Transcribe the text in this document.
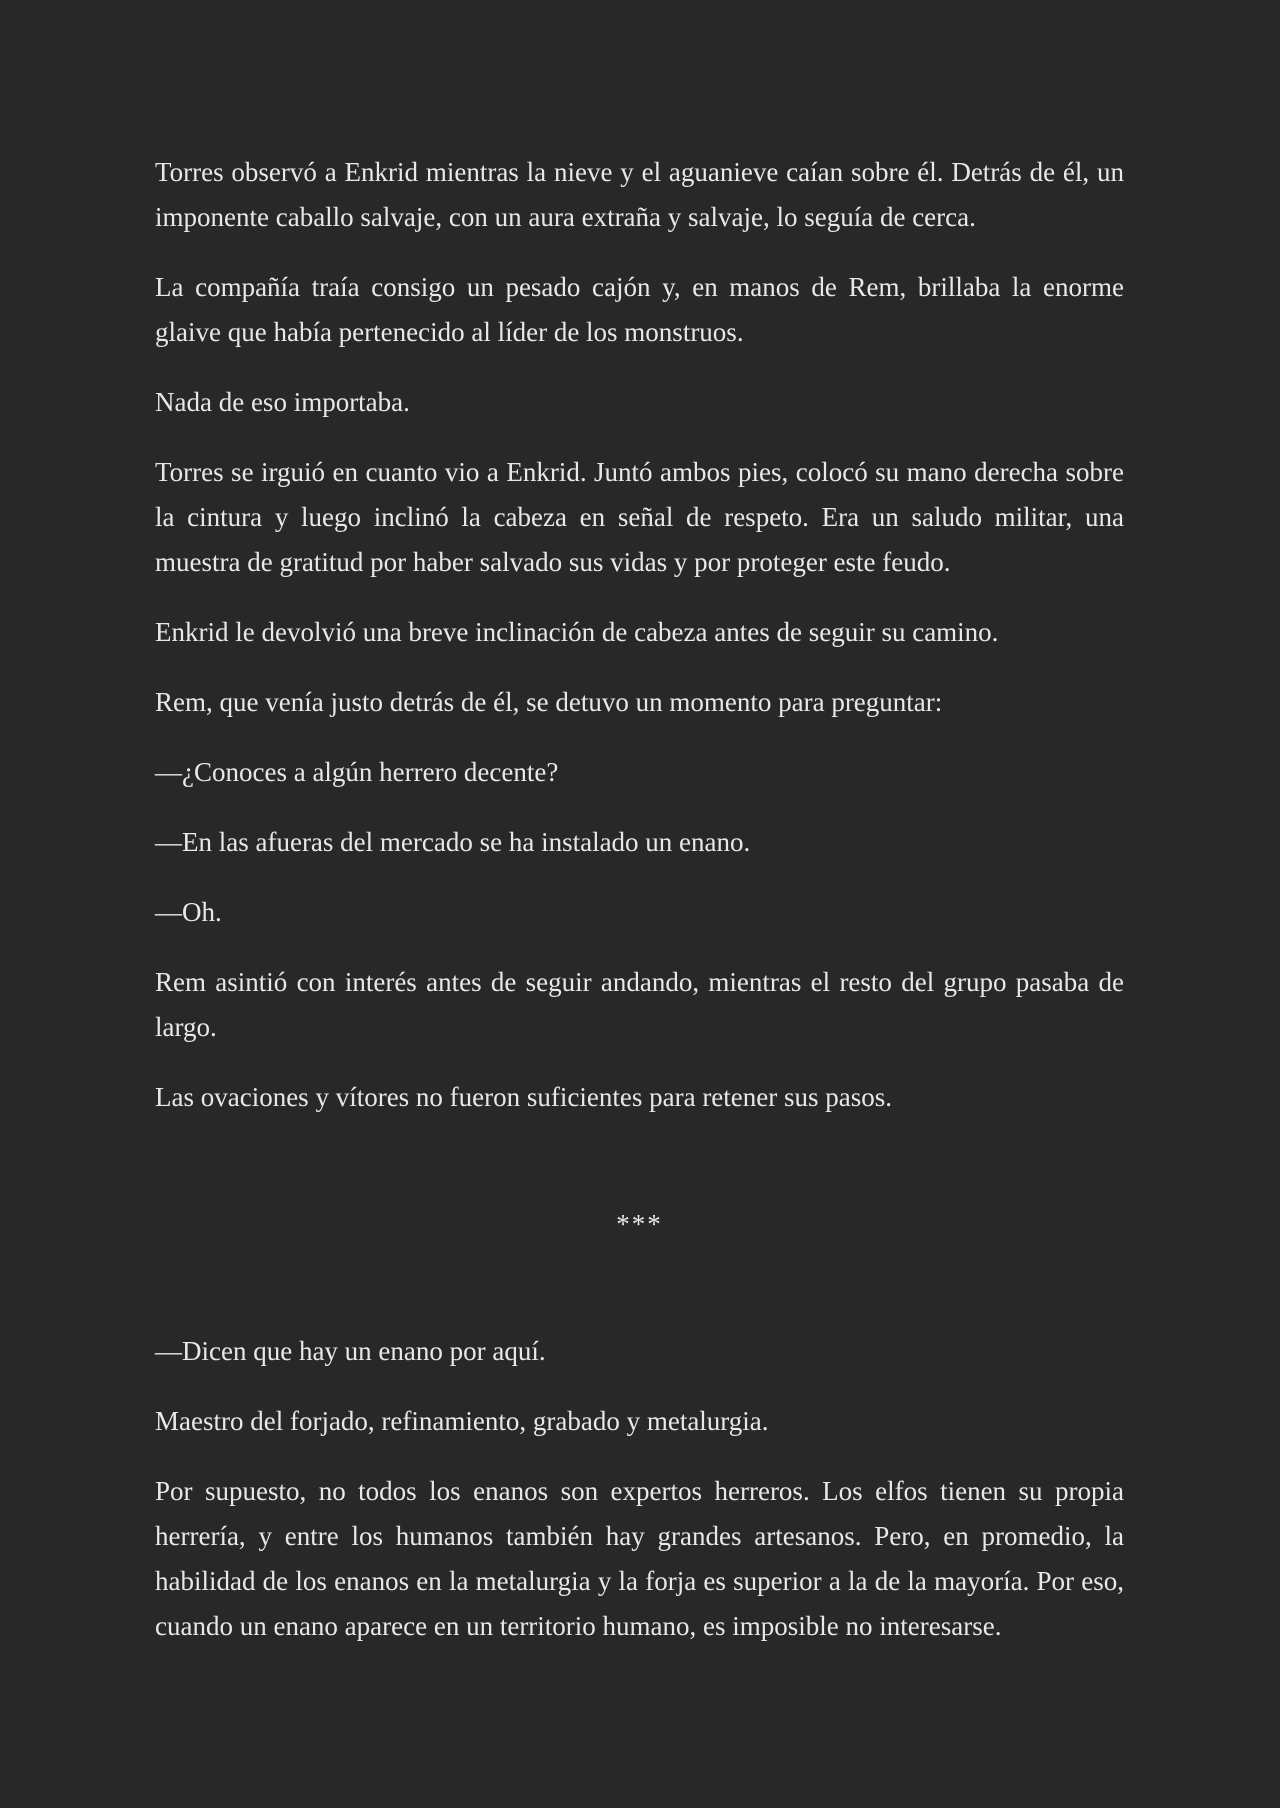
Torres observó a Enkrid mientras la nieve y el aguanieve caían sobre él. Detrás de él, un imponente caballo salvaje, con un aura extraña y salvaje, lo seguía de cerca.

La compañía traía consigo un pesado cajón y, en manos de Rem, brillaba la enorme glaive que había pertenecido al líder de los monstruos.

Nada de eso importaba.

Torres se irguió en cuanto vio a Enkrid. Juntó ambos pies, colocó su mano derecha sobre la cintura y luego inclinó la cabeza en señal de respeto. Era un saludo militar, una muestra de gratitud por haber salvado sus vidas y por proteger este feudo.

Enkrid le devolvió una breve inclinación de cabeza antes de seguir su camino.

Rem, que venía justo detrás de él, se detuvo un momento para preguntar:

—¿Conoces a algún herrero decente?

—En las afueras del mercado se ha instalado un enano.

—Oh.

Rem asintió con interés antes de seguir andando, mientras el resto del grupo pasaba de largo.

Las ovaciones y vítores no fueron suficientes para retener sus pasos.

***

—Dicen que hay un enano por aquí.

Maestro del forjado, refinamiento, grabado y metalurgia.

Por supuesto, no todos los enanos son expertos herreros. Los elfos tienen su propia herrería, y entre los humanos también hay grandes artesanos. Pero, en promedio, la habilidad de los enanos en la metalurgia y la forja es superior a la de la mayoría. Por eso, cuando un enano aparece en un territorio humano, es imposible no interesarse.
